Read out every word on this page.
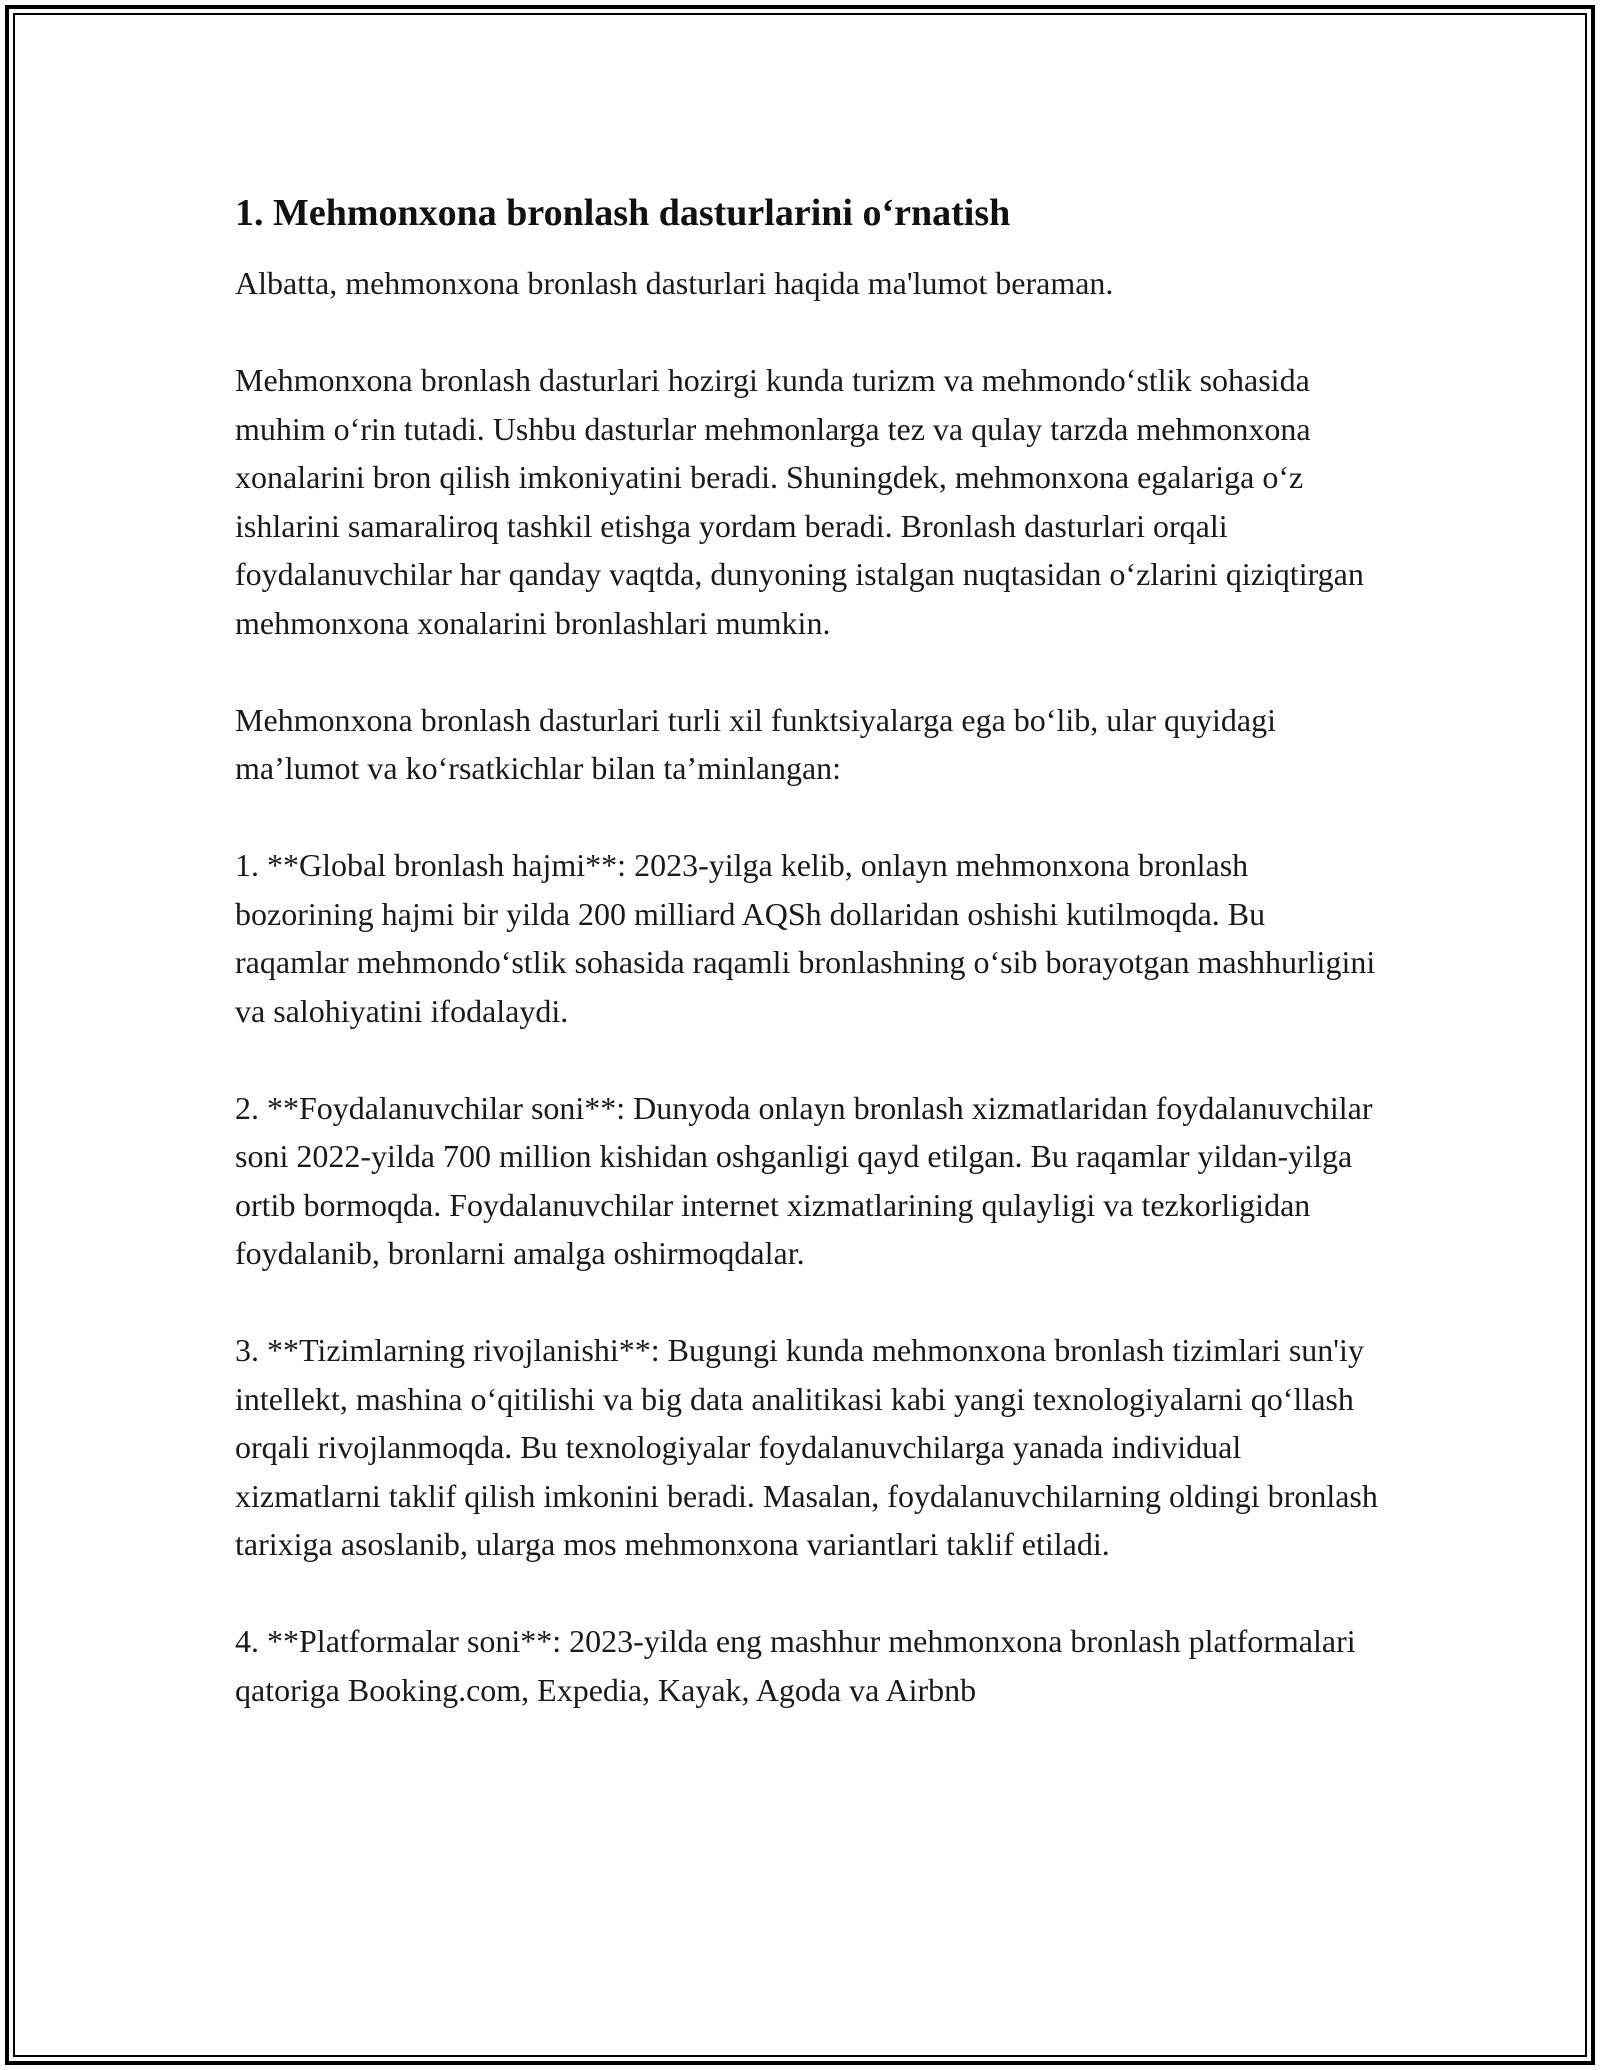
1. Mehmonxona bronlash dasturlarini o‘rnatish

Albatta, mehmonxona bronlash dasturlari haqida ma'lumot beraman.

Mehmonxona bronlash dasturlari hozirgi kunda turizm va mehmondo‘stlik sohasida muhim o‘rin tutadi. Ushbu dasturlar mehmonlarga tez va qulay tarzda mehmonxona xonalarini bron qilish imkoniyatini beradi. Shuningdek, mehmonxona egalariga o‘z ishlarini samaraliroq tashkil etishga yordam beradi. Bronlash dasturlari orqali foydalanuvchilar har qanday vaqtda, dunyoning istalgan nuqtasidan o‘zlarini qiziqtirgan mehmonxona xonalarini bronlashlari mumkin.

Mehmonxona bronlash dasturlari turli xil funktsiyalarga ega bo‘lib, ular quyidagi ma’lumot va ko‘rsatkichlar bilan ta’minlangan:

1. **Global bronlash hajmi**: 2023-yilga kelib, onlayn mehmonxona bronlash bozorining hajmi bir yilda 200 milliard AQSh dollaridan oshishi kutilmoqda. Bu raqamlar mehmondo‘stlik sohasida raqamli bronlashning o‘sib borayotgan mashhurligini va salohiyatini ifodalaydi.

2. **Foydalanuvchilar soni**: Dunyoda onlayn bronlash xizmatlaridan foydalanuvchilar soni 2022-yilda 700 million kishidan oshganligi qayd etilgan. Bu raqamlar yildan-yilga ortib bormoqda. Foydalanuvchilar internet xizmatlarining qulayligi va tezkorligidan foydalanib, bronlarni amalga oshirmoqdalar.

3. **Tizimlarning rivojlanishi**: Bugungi kunda mehmonxona bronlash tizimlari sun'iy intellekt, mashina o‘qitilishi va big data analitikasi kabi yangi texnologiyalarni qo‘llash orqali rivojlanmoqda. Bu texnologiyalar foydalanuvchilarga yanada individual xizmatlarni taklif qilish imkonini beradi. Masalan, foydalanuvchilarning oldingi bronlash tarixiga asoslanib, ularga mos mehmonxona variantlari taklif etiladi.

4. **Platformalar soni**: 2023-yilda eng mashhur mehmonxona bronlash platformalari qatoriga Booking.com, Expedia, Kayak, Agoda va Airbnb
